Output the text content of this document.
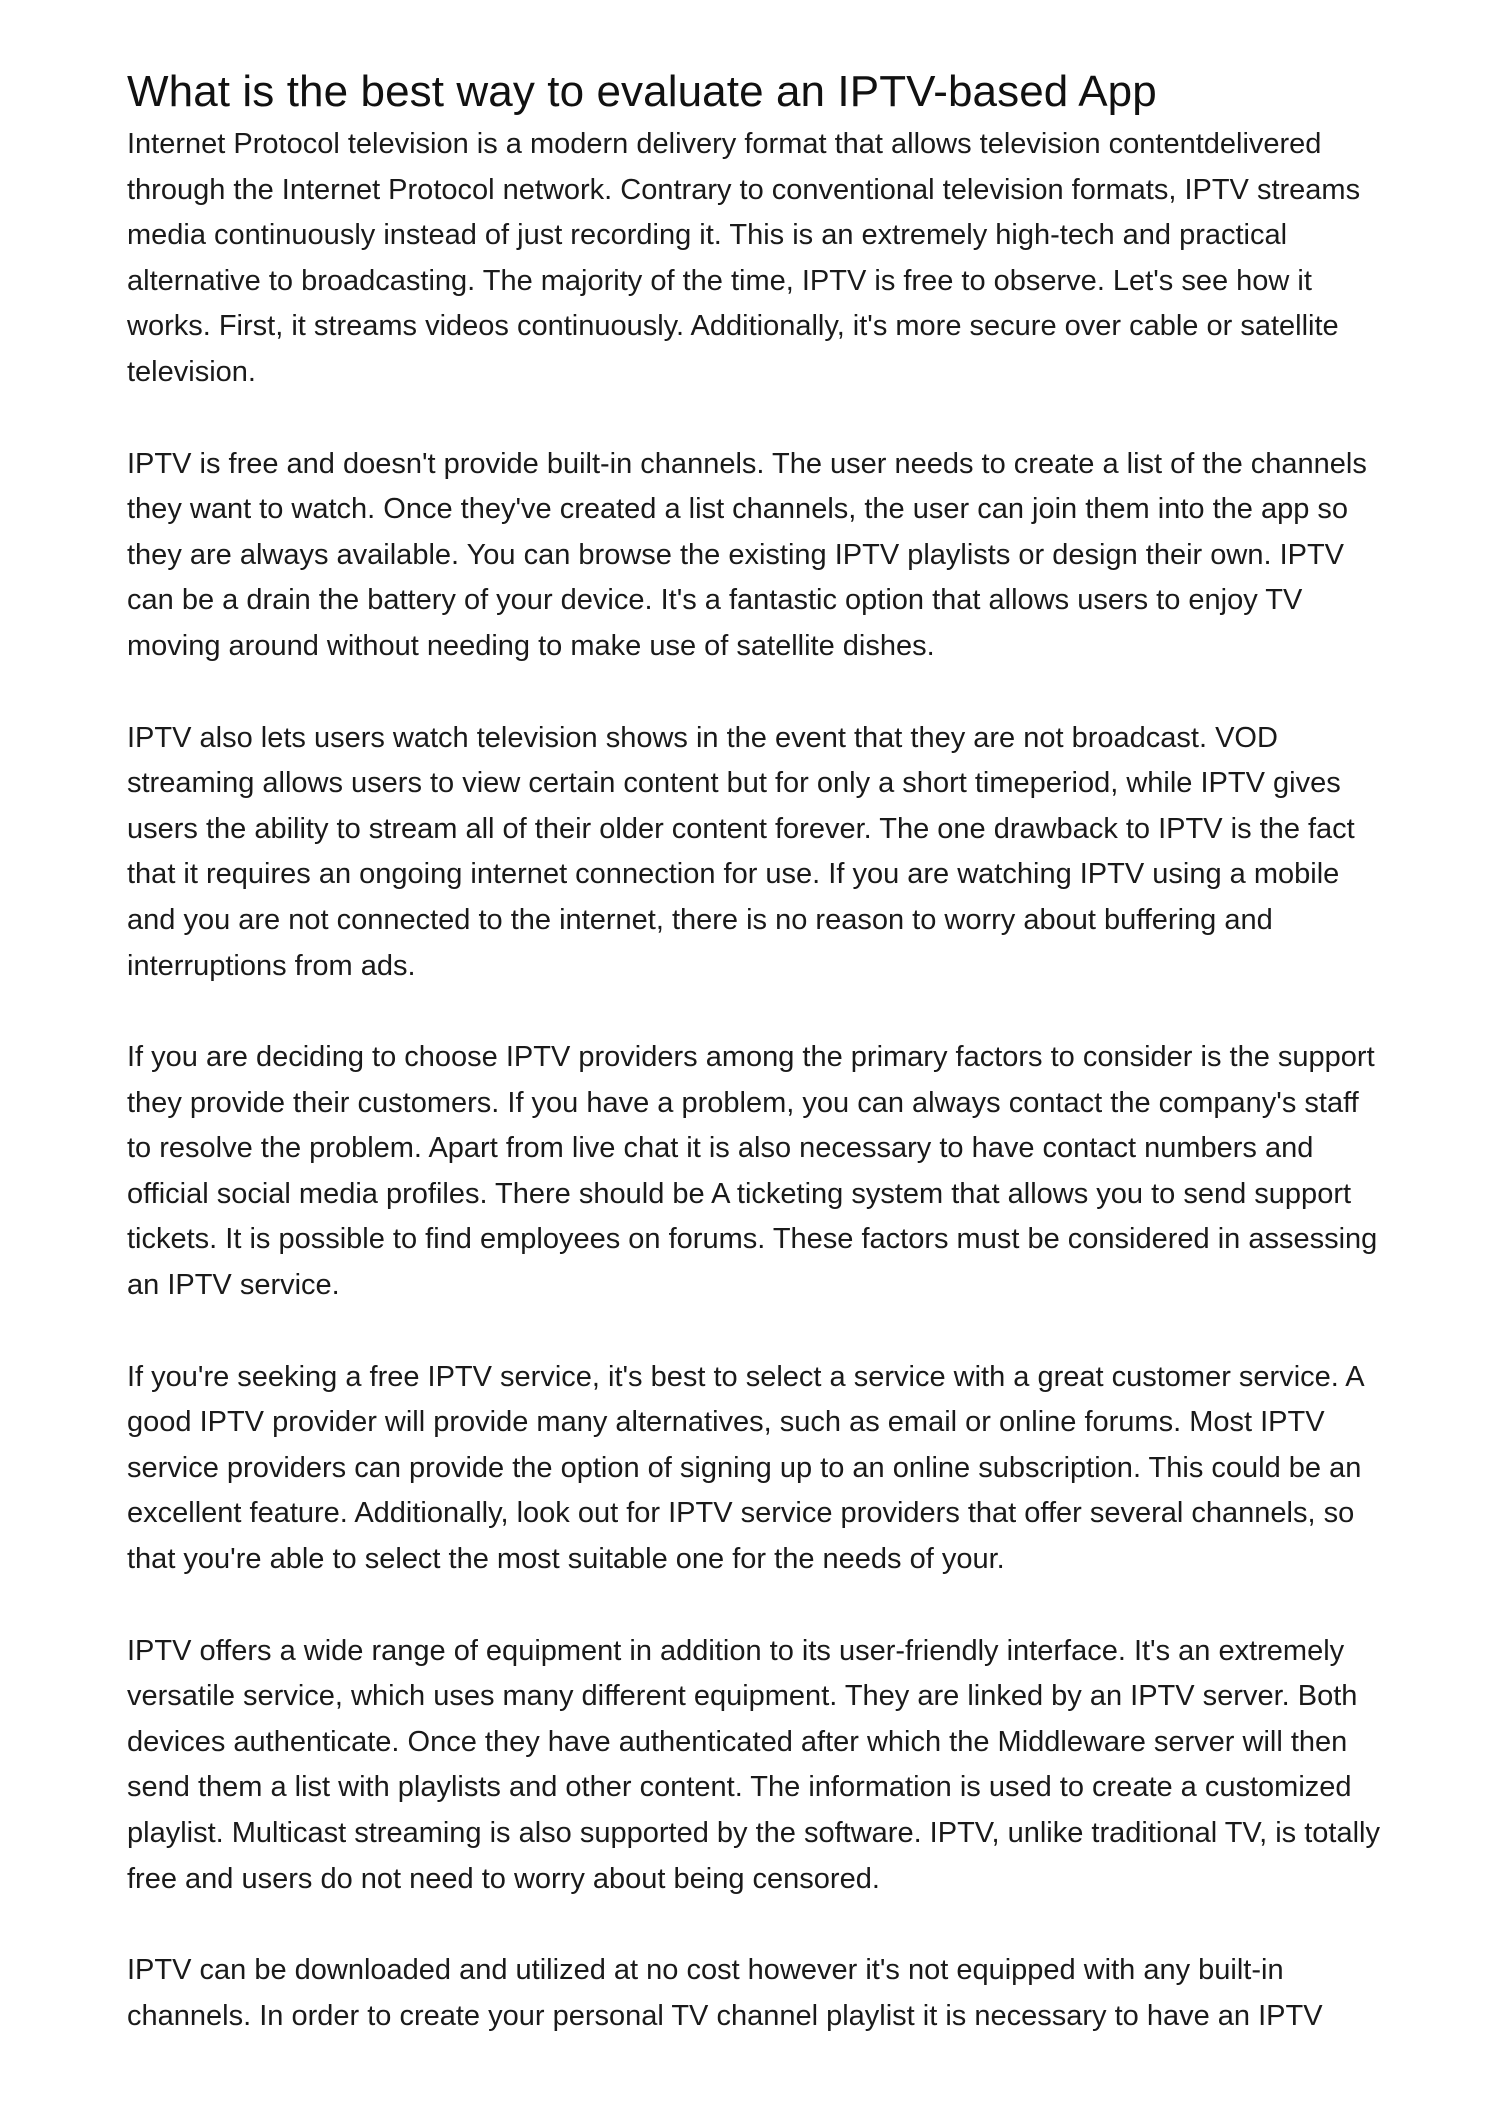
What is the best way to evaluate an IPTV-based App

Internet Protocol television is a modern delivery format that allows television contentdelivered through the Internet Protocol network. Contrary to conventional television formats, IPTV streams media continuously instead of just recording it. This is an extremely high-tech and practical alternative to broadcasting. The majority of the time, IPTV is free to observe. Let's see how it works. First, it streams videos continuously. Additionally, it's more secure over cable or satellite television.

IPTV is free and doesn't provide built-in channels. The user needs to create a list of the channels they want to watch. Once they've created a list channels, the user can join them into the app so they are always available. You can browse the existing IPTV playlists or design their own. IPTV can be a drain the battery of your device. It's a fantastic option that allows users to enjoy TV moving around without needing to make use of satellite dishes.

IPTV also lets users watch television shows in the event that they are not broadcast. VOD streaming allows users to view certain content but for only a short timeperiod, while IPTV gives users the ability to stream all of their older content forever. The one drawback to IPTV is the fact that it requires an ongoing internet connection for use. If you are watching IPTV using a mobile and you are not connected to the internet, there is no reason to worry about buffering and interruptions from ads.

If you are deciding to choose IPTV providers among the primary factors to consider is the support they provide their customers. If you have a problem, you can always contact the company's staff to resolve the problem. Apart from live chat it is also necessary to have contact numbers and official social media profiles. There should be A ticketing system that allows you to send support tickets. It is possible to find employees on forums. These factors must be considered in assessing an IPTV service.

If you're seeking a free IPTV service, it's best to select a service with a great customer service. A good IPTV provider will provide many alternatives, such as email or online forums. Most IPTV service providers can provide the option of signing up to an online subscription. This could be an excellent feature. Additionally, look out for IPTV service providers that offer several channels, so that you're able to select the most suitable one for the needs of your.

IPTV offers a wide range of equipment in addition to its user-friendly interface. It's an extremely versatile service, which uses many different equipment. They are linked by an IPTV server. Both devices authenticate. Once they have authenticated after which the Middleware server will then send them a list with playlists and other content. The information is used to create a customized playlist. Multicast streaming is also supported by the software. IPTV, unlike traditional TV, is totally free and users do not need to worry about being censored.

IPTV can be downloaded and utilized at no cost however it's not equipped with any built-in channels. In order to create your personal TV channel playlist it is necessary to have an IPTV
